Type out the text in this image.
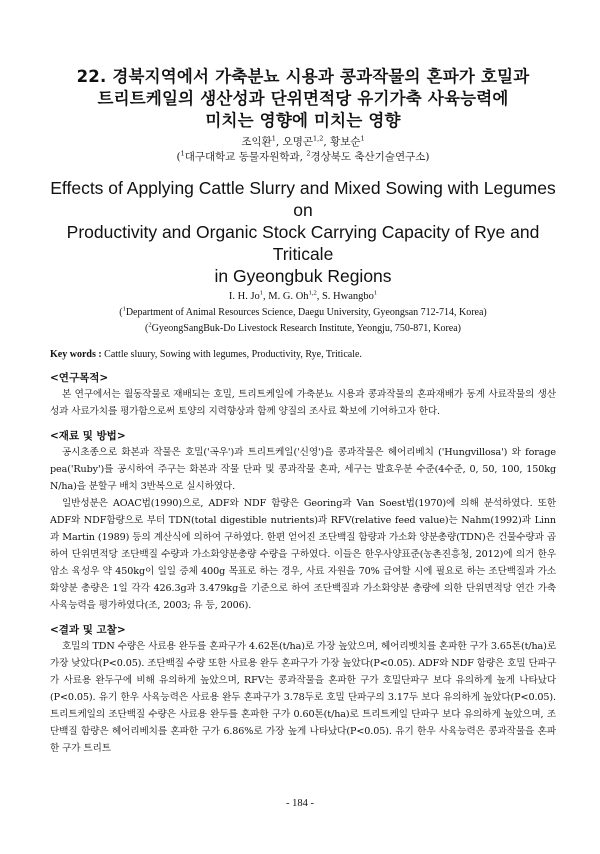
22. 경북지역에서 가축분뇨 시용과 콩과작물의 혼파가 호밀과
트리트케일의 생산성과 단위면적당 유기가축 사육능력에
미치는 영향에 미치는 영향
조익환$^1$, 오명곤$^{1,2}$, 황보순$^1$
($^1$대구대학교 동물자원학과, $^2$경상북도 축산기술연구소)
Effects of Applying Cattle Slurry and Mixed Sowing with Legumes on
Productivity and Organic Stock Carrying Capacity of Rye and Triticale
in Gyeongbuk Regions
I. H. Jo$^1$, M. G. Oh$^{1,2}$, S. Hwangbo$^1$
($^1$Department of Animal Resources Science, Daegu University, Gyeongsan 712-714, Korea)
($^2$GyeongSangBuk-Do Livestock Research Institute, Yeongju, 750-871, Korea)
Key words : Cattle sluury, Sowing with legumes, Productivity, Rye, Triticale.
<연구목적>

본 연구에서는 월동작물로 재배되는 호밀, 트리트케일에 가축분뇨 시용과 콩과작물의 혼파재배가 동계 사료작물의 생산성과 사료가치를 평가함으로써 토양의 지력향상과 함께 양질의 조사료 확보에 기여하고자 한다.

<재료 및 방법>

공시초종으로 화본과 작물은 호밀('곡우')과 트리트케일('신영')을 콩과작물은 헤어리베치 ('Hungvillosa') 와 forage pea('Ruby')를 공시하여 주구는 화본과 작물 단파 및 콩과작물 혼파, 세구는 발효우분 수준(4수준, 0, 50, 100, 150kg N/ha)을 분할구 배치 3반복으로 실시하였다.

일반성분은 AOAC법(1990)으로, ADF와 NDF 함량은 Georing과 Van Soest법(1970)에 의해 분석하였다. 또한 ADF와 NDF함량으로 부터 TDN(total digestible nutrients)과 RFV(relative feed value)는 Nahm(1992)과 Linn과 Martin (1989) 등의 계산식에 의하여 구하였다. 한편 얻어진 조단백질 함량과 가소화 양분총량(TDN)은 건물수량과 곱하여 단위면적당 조단백질 수량과 가소화양분총량 수량을 구하였다. 이들은 한우사양표준(농촌진흥청, 2012)에 의거 한우 암소 육성우 약 450kg이 일일 증체 400g 목표로 하는 경우, 사료 자원을 70% 급여할 시에 필요로 하는 조단백질과 가소화양분 총량은 1일 각각 426.3g과 3.479kg을 기준으로 하여 조단백질과 가소화양분 총량에 의한 단위면적당 연간 가축 사육능력을 평가하였다(조, 2003; 유 등, 2006).

<결과 및 고찰>

호밀의 TDN 수량은 사료용 완두를 혼파구가 4.62톤(t/ha)로 가장 높았으며, 헤어리벳치를 혼파한 구가 3.65톤(t/ha)로 가장 낮았다(P<0.05). 조단백질 수량 또한 사료용 완두 혼파구가 가장 높았다(P<0.05). ADF와 NDF 함량은 호밀 단파구가 사료용 완두구에 비해 유의하게 높았으며, RFV는 콩과작물을 혼파한 구가 호밀단파구 보다 유의하게 높게 나타났다(P<0.05). 유기 한우 사육능력은 사료용 완두 혼파구가 3.78두로 호밀 단파구의 3.17두 보다 유의하게 높았다(P<0.05). 트리트케일의 조단백질 수량은 사료용 완두를 혼파한 구가 0.60톤(t/ha)로 트리트케일 단파구 보다 유의하게 높았으며, 조단백질 함량은 헤어리베치를 혼파한 구가 6.86%로 가장 높게 나타났다(P<0.05). 유기 한우 사육능력은 콩과작물을 혼파한 구가 트리트

- 184 -
